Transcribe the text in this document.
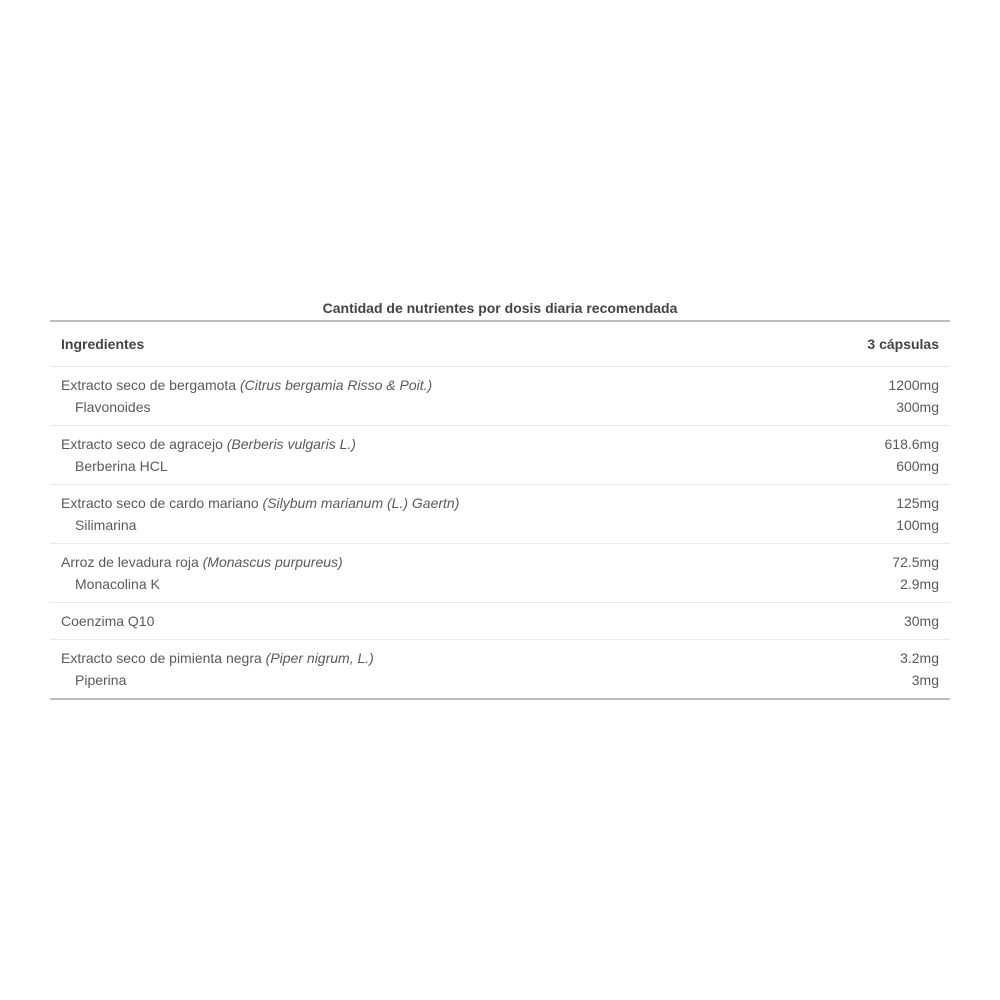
Cantidad de nutrientes por dosis diaria recomendada
Ingredientes	3 cápsulas
Extracto seco de bergamota (Citrus bergamia Risso & Poit.)	1200mg
Flavonoides	300mg
Extracto seco de agracejo (Berberis vulgaris L.)	618.6mg
Berberina HCL	600mg
Extracto seco de cardo mariano (Silybum marianum (L.) Gaertn)	125mg
Silimarina	100mg
Arroz de levadura roja (Monascus purpureus)	72.5mg
Monacolina K	2.9mg
Coenzima Q10	30mg
Extracto seco de pimienta negra (Piper nigrum, L.)	3.2mg
Piperina	3mg
